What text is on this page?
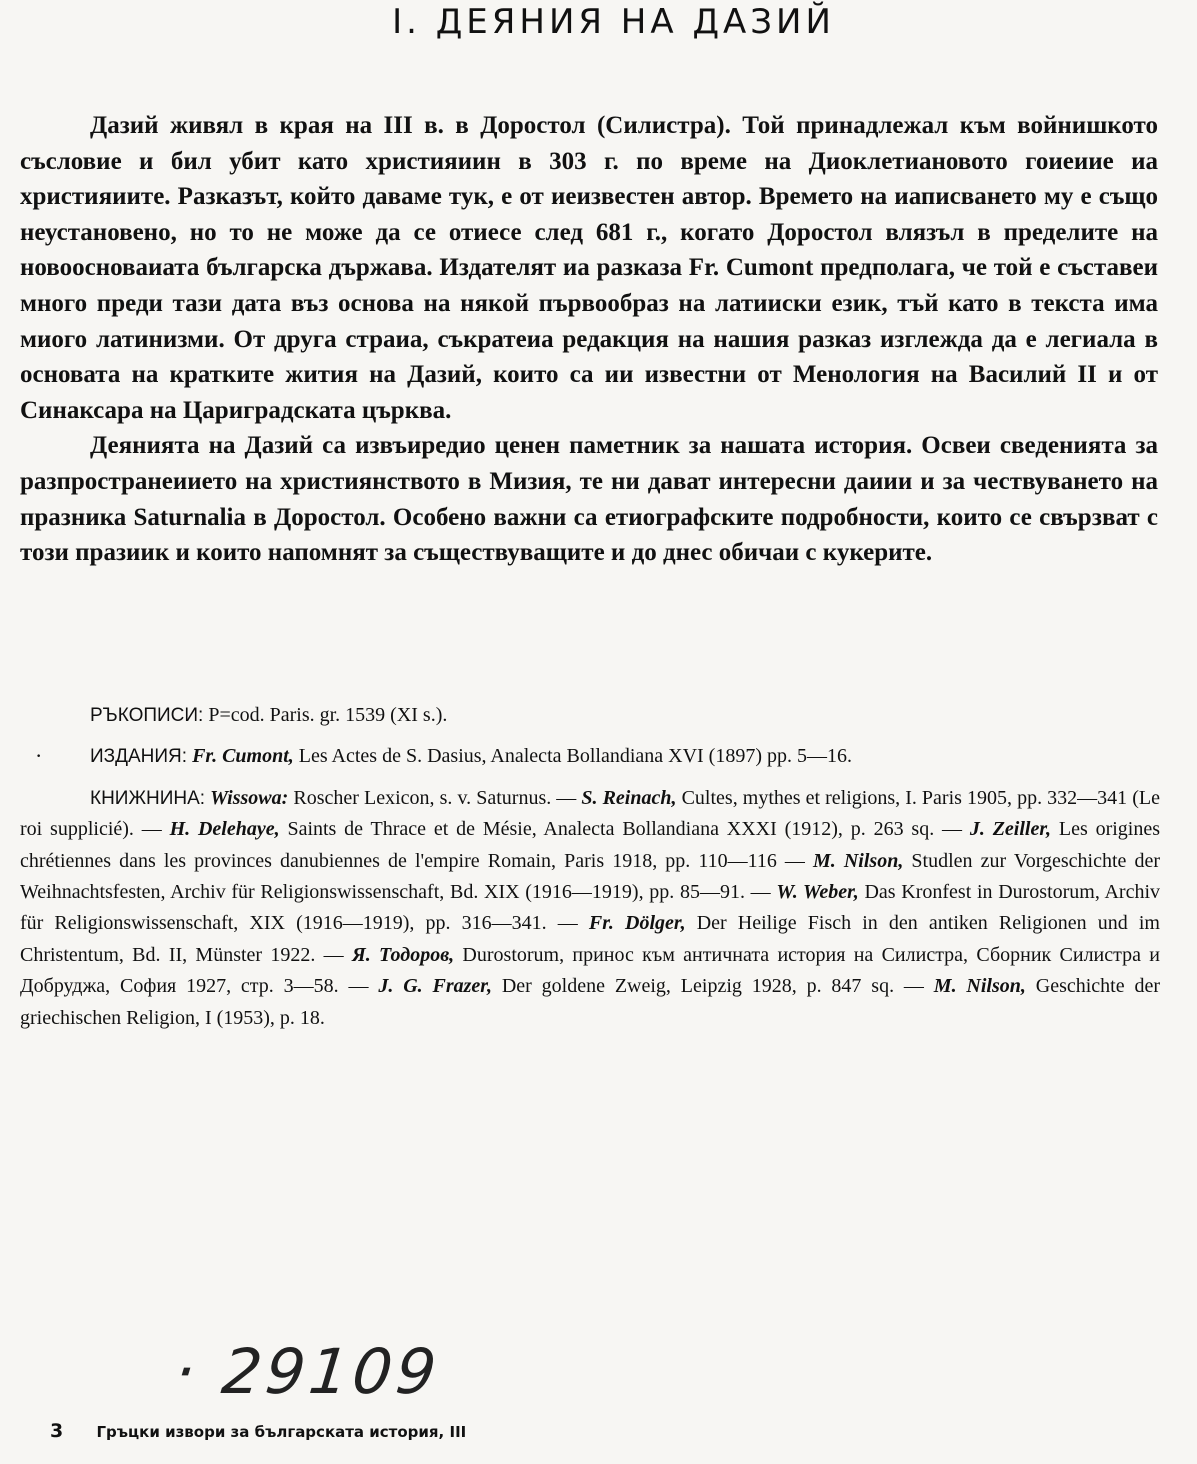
I. ДЕЯНИЯ НА ДАЗИЙ

Дазий живял в края на III в. в Доростол (Силистра). Той принадлежал към войнишкото съсловие и бил убит като християиин в 303 г. по време на Диоклетиановото гоиеиие иа християиите. Разказът, който даваме тук, е от иеизвестен автор. Времето на иаписването му е също неустановено, но то не може да се отиесе след 681 г., когато Доростол влязъл в пределите на новоосноваиата българска държава. Издателят иа разказа Fr. Cumont предполага, че той е съставеи много преди тази дата въз основа на някой първообраз на латииски език, тъй като в текста има миого латинизми. От друга страиа, съкратеиа редакция на нашия разказ изглежда да е легиала в основата на кратките жития на Дазий, които са ии известни от Менология на Василий II и от Синаксара на Цариградската църква.

Деянията на Дазий са извъиредио ценен паметник за нашата история. Освеи сведенията за разпространеиието на християнството в Мизия, те ни дават интересни даиии и за чествуването на празника Saturnalia в Доростол. Особено важни са етиографските подробности, които се свързват с този празиик и които напомнят за съществуващите и до днес обичаи с кукерите.

·

РЪКОПИСИ: P=cod. Paris. gr. 1539 (XI s.).

ИЗДАНИЯ: Fr. Cumont, Les Actes de S. Dasius, Analecta Bollandiana XVI (1897) pp. 5—16.

КНИЖНИНА: Wissowa: Roscher Lexicon, s. v. Saturnus. — S. Reinach, Cultes, mythes et religions, I. Paris 1905, pp. 332—341 (Le roi supplicié). — H. Delehaye, Saints de Thrace et de Mésie, Analecta Bollandiana XXXI (1912), p. 263 sq. — J. Zeiller, Les origines chrétiennes dans les provinces danubiennes de l'empire Romain, Paris 1918, pp. 110—116 — M. Nilson, Studlen zur Vorgeschichte der Weihnachtsfesten, Archiv für Religionswissenschaft, Bd. XIX (1916—1919), pp. 85—91. — W. Weber, Das Kronfest in Durostorum, Archiv für Religionswissenschaft, XIX (1916—1919), pp. 316—341. — Fr. Dölger, Der Heilige Fisch in den antiken Religionen und im Christentum, Bd. II, Münster 1922. — Я. Тодоров, Durostorum, принос към античната история на Силистра, Сборник Силистра и Добруджа, София 1927, стр. 3—58. — J. G. Frazer, Der goldene Zweig, Leipzig 1928, p. 847 sq. — M. Nilson, Geschichte der griechischen Religion, I (1953), p. 18.

· 29109
3 Гръцки извори за българската история, III
